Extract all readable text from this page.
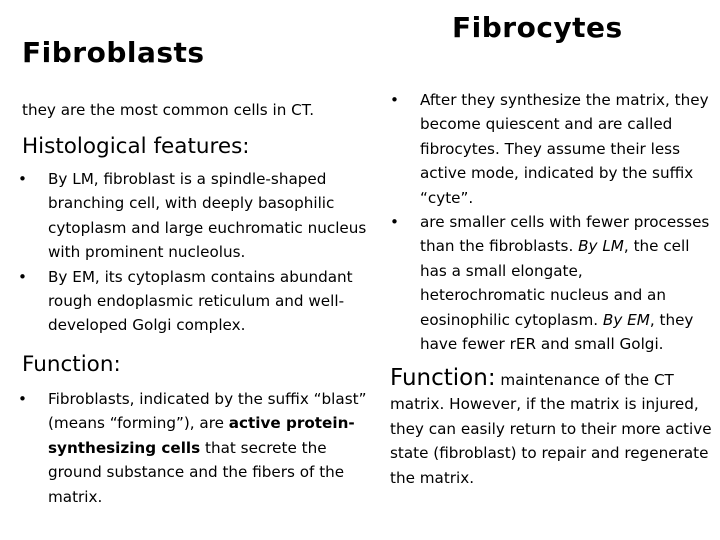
Fibroblasts
Fibrocytes
they are the most common cells in CT.
Histological features:
• By LM, fibroblast is a spindle-shaped branching cell, with deeply basophilic cytoplasm and large euchromatic nucleus with prominent nucleolus.
• By EM, its cytoplasm contains abundant rough endoplasmic reticulum and well-developed Golgi complex.
Function:
• Fibroblasts, indicated by the suffix “blast” (means “forming”), are active protein-synthesizing cells that secrete the ground substance and the fibers of the matrix.
• After they synthesize the matrix, they become quiescent and are called fibrocytes. They assume their less active mode, indicated by the suffix “cyte”.
• are smaller cells with fewer processes than the fibroblasts. By LM, the cell has a small elongate, heterochromatic nucleus and an eosinophilic cytoplasm. By EM, they have fewer rER and small Golgi.
Function: maintenance of the CT matrix. However, if the matrix is injured, they can easily return to their more active state (fibroblast) to repair and regenerate the matrix.
